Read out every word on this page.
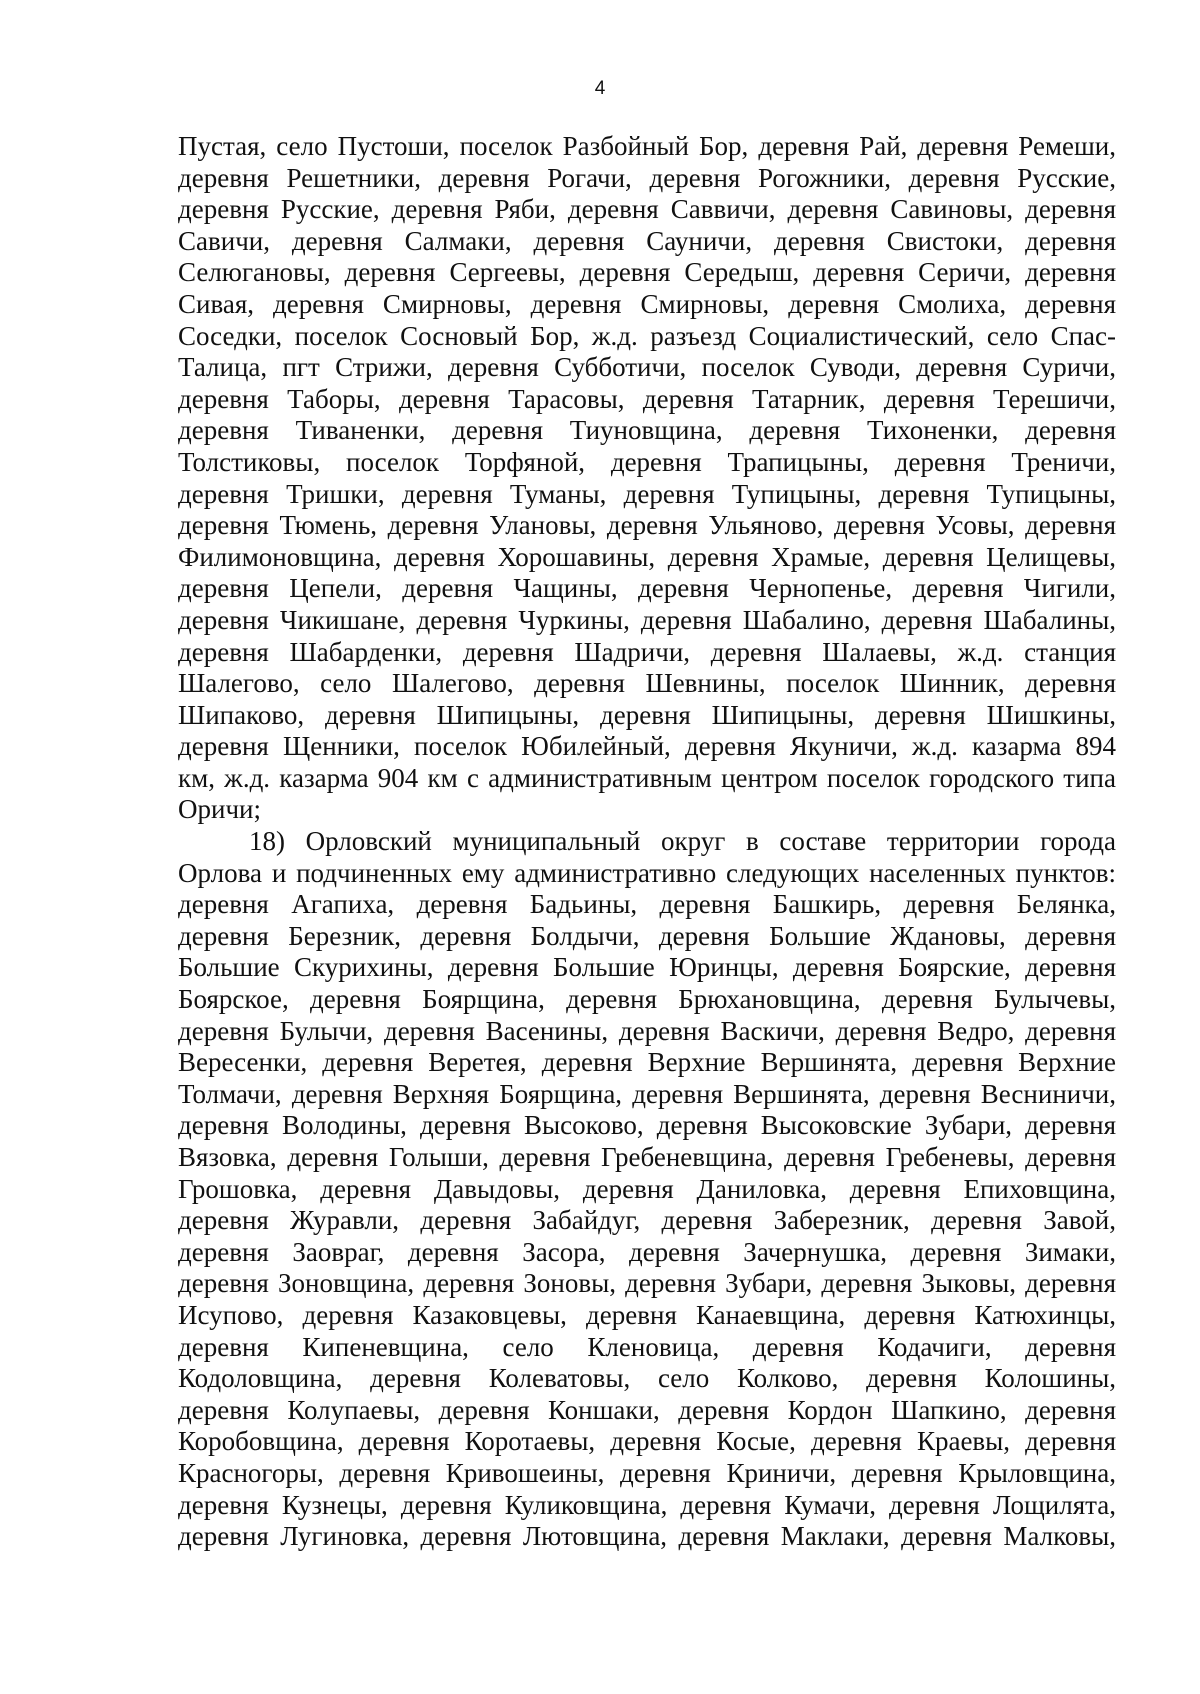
4
Пустая, село Пустоши, поселок Разбойный Бор, деревня Рай, деревня Ремеши,
деревня Решетники, деревня Рогачи, деревня Рогожники, деревня Русские,
деревня Русские, деревня Ряби, деревня Саввичи, деревня Савиновы, деревня
Савичи, деревня Салмаки, деревня Сауничи, деревня Свистоки, деревня
Селюгановы, деревня Сергеевы, деревня Середыш, деревня Серичи, деревня
Сивая, деревня Смирновы, деревня Смирновы, деревня Смолиха, деревня
Соседки, поселок Сосновый Бор, ж.д. разъезд Социалистический, село Спас-
Талица, пгт Стрижи, деревня Субботичи, поселок Суводи, деревня Суричи,
деревня Таборы, деревня Тарасовы, деревня Татарник, деревня Терешичи,
деревня Тиваненки, деревня Тиуновщина, деревня Тихоненки, деревня
Толстиковы, поселок Торфяной, деревня Трапицыны, деревня Треничи,
деревня Тришки, деревня Туманы, деревня Тупицыны, деревня Тупицыны,
деревня Тюмень, деревня Улановы, деревня Ульяново, деревня Усовы, деревня
Филимоновщина, деревня Хорошавины, деревня Храмые, деревня Целищевы,
деревня Цепели, деревня Чащины, деревня Чернопенье, деревня Чигили,
деревня Чикишане, деревня Чуркины, деревня Шабалино, деревня Шабалины,
деревня Шабарденки, деревня Шадричи, деревня Шалаевы, ж.д. станция
Шалегово, село Шалегово, деревня Шевнины, поселок Шинник, деревня
Шипаково, деревня Шипицыны, деревня Шипицыны, деревня Шишкины,
деревня Щенники, поселок Юбилейный, деревня Якуничи, ж.д. казарма 894
км, ж.д. казарма 904 км с административным центром поселок городского типа
Оричи;
18) Орловский муниципальный округ в составе территории города
Орлова и подчиненных ему административно следующих населенных пунктов:
деревня Агапиха, деревня Бадьины, деревня Башкирь, деревня Белянка,
деревня Березник, деревня Болдычи, деревня Большие Ждановы, деревня
Большие Скурихины, деревня Большие Юринцы, деревня Боярские, деревня
Боярское, деревня Боярщина, деревня Брюхановщина, деревня Булычевы,
деревня Булычи, деревня Васенины, деревня Васкичи, деревня Ведро, деревня
Вересенки, деревня Веретея, деревня Верхние Вершинята, деревня Верхние
Толмачи, деревня Верхняя Боярщина, деревня Вершинята, деревня Весниничи,
деревня Володины, деревня Высоково, деревня Высоковские Зубари, деревня
Вязовка, деревня Голыши, деревня Гребеневщина, деревня Гребеневы, деревня
Грошовка, деревня Давыдовы, деревня Даниловка, деревня Епиховщина,
деревня Журавли, деревня Забайдуг, деревня Заберезник, деревня Завой,
деревня Заовраг, деревня Засора, деревня Зачернушка, деревня Зимаки,
деревня Зоновщина, деревня Зоновы, деревня Зубари, деревня Зыковы, деревня
Исупово, деревня Казаковцевы, деревня Канаевщина, деревня Катюхинцы,
деревня Кипеневщина, село Кленовица, деревня Кодачиги, деревня
Кодоловщина, деревня Колеватовы, село Колково, деревня Колошины,
деревня Колупаевы, деревня Коншаки, деревня Кордон Шапкино, деревня
Коробовщина, деревня Коротаевы, деревня Косые, деревня Краевы, деревня
Красногоры, деревня Кривошеины, деревня Криничи, деревня Крыловщина,
деревня Кузнецы, деревня Куликовщина, деревня Кумачи, деревня Лощилята,
деревня Лугиновка, деревня Лютовщина, деревня Маклаки, деревня Малковы,
